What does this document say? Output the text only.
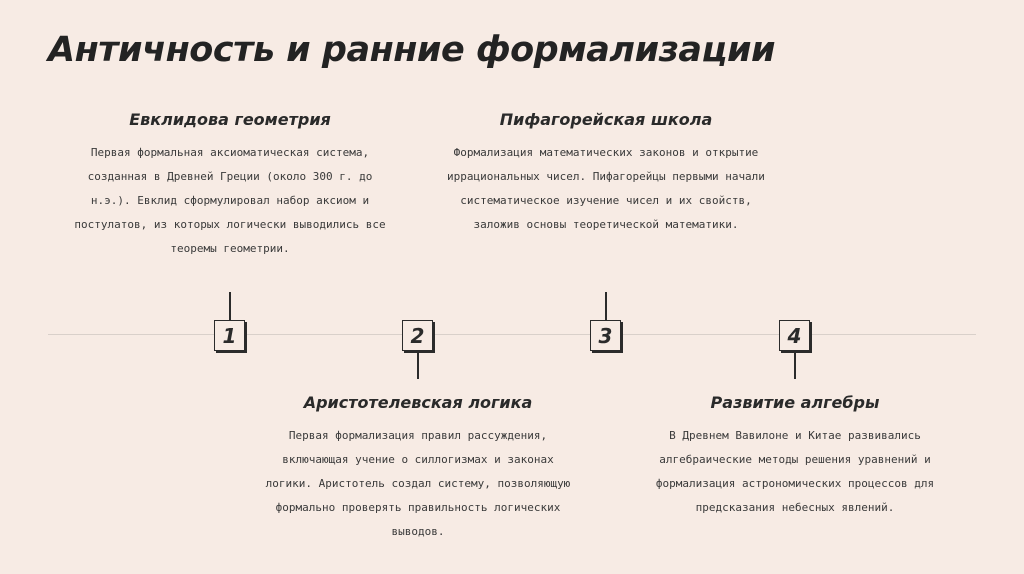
Античность и ранние формализации
Евклидова геометрия

Первая формальная аксиоматическая система, созданная в Древней Греции (около 300 г. до н.э.). Евклид сформулировал набор аксиом и постулатов, из которых логически выводились все теоремы геометрии.

Пифагорейская школа

Формализация математических законов и открытие иррациональных чисел. Пифагорейцы первыми начали систематическое изучение чисел и их свойств, заложив основы теоретической математики.

1	2	3	4
Аристотелевская логика

Первая формализация правил рассуждения, включающая учение о силлогизмах и законах логики. Аристотель создал систему, позволяющую формально проверять правильность логических выводов.

Развитие алгебры

В Древнем Вавилоне и Китае развивались алгебраические методы решения уравнений и формализация астрономических процессов для предсказания небесных явлений.
